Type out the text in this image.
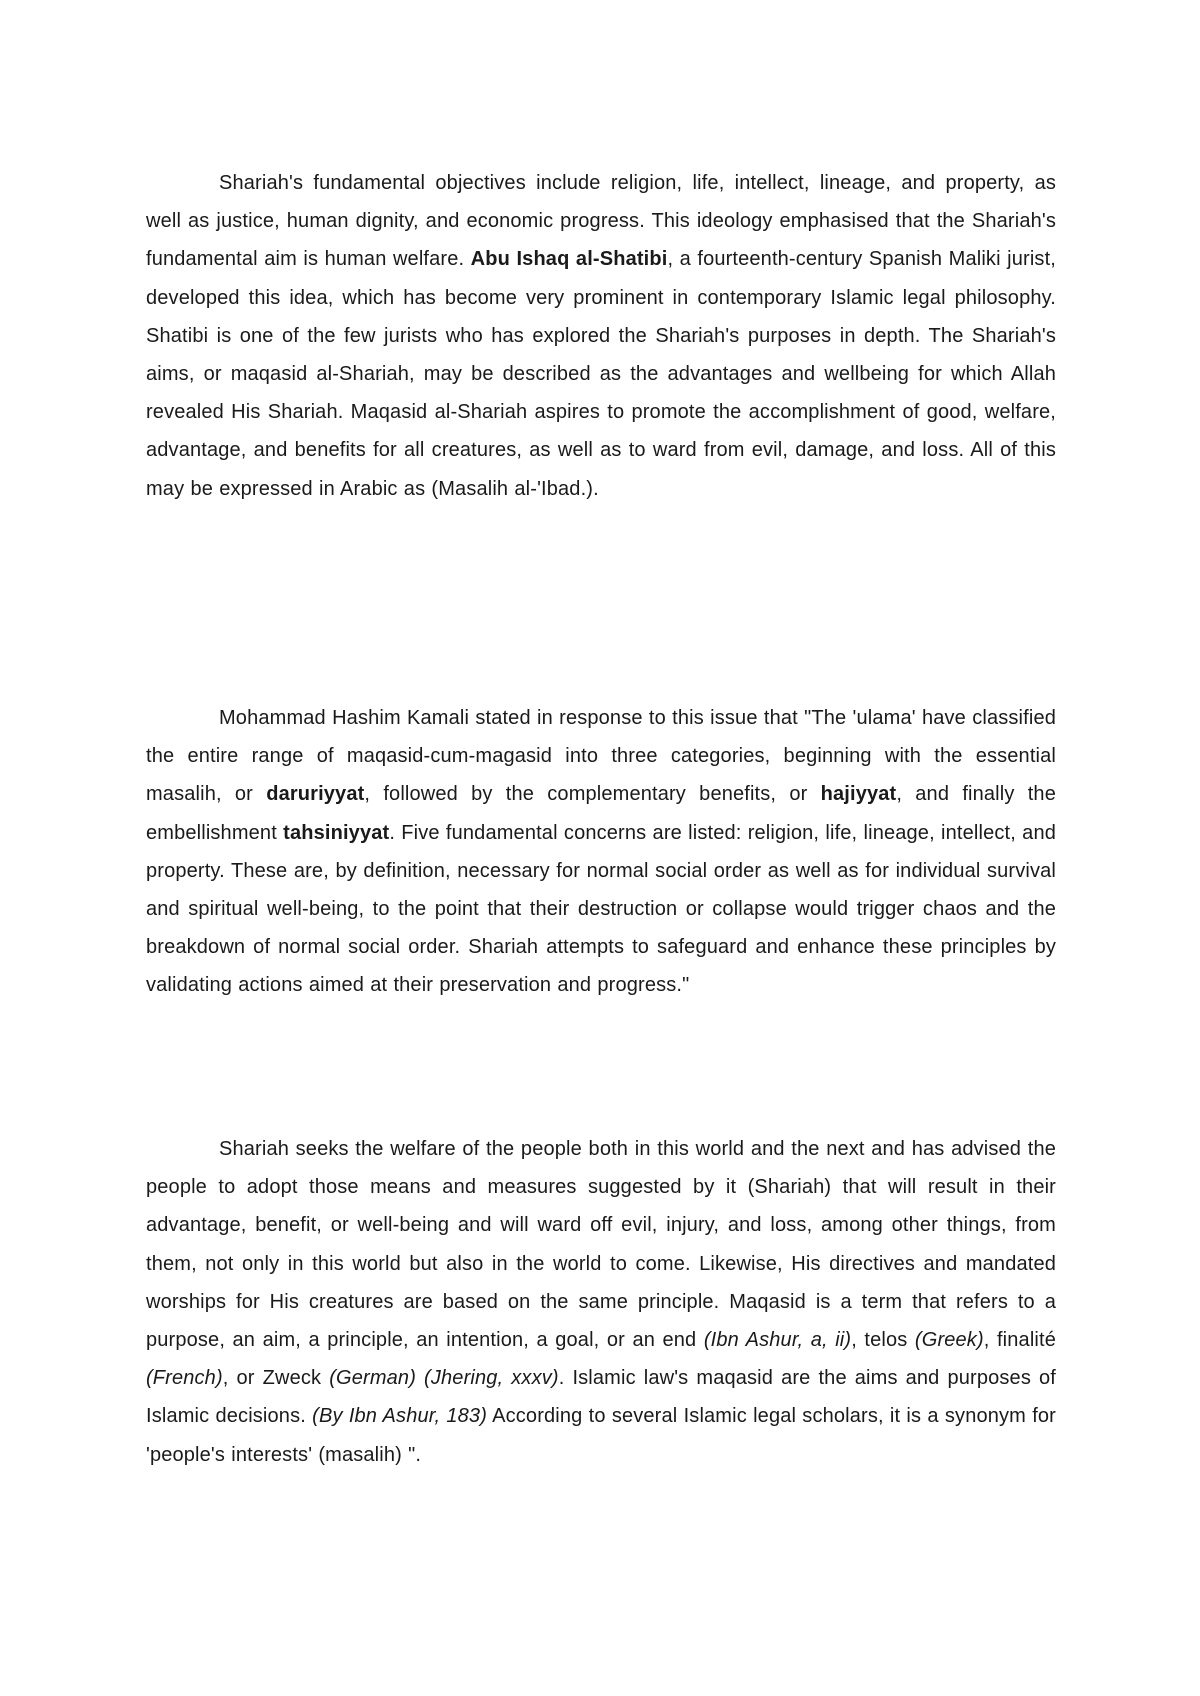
Shariah's fundamental objectives include religion, life, intellect, lineage, and property, as well as justice, human dignity, and economic progress. This ideology emphasised that the Shariah's fundamental aim is human welfare. Abu Ishaq al-Shatibi, a fourteenth-century Spanish Maliki jurist, developed this idea, which has become very prominent in contemporary Islamic legal philosophy. Shatibi is one of the few jurists who has explored the Shariah's purposes in depth. The Shariah's aims, or maqasid al-Shariah, may be described as the advantages and wellbeing for which Allah revealed His Shariah. Maqasid al-Shariah aspires to promote the accomplishment of good, welfare, advantage, and benefits for all creatures, as well as to ward from evil, damage, and loss. All of this may be expressed in Arabic as (Masalih al-'Ibad.).

Mohammad Hashim Kamali stated in response to this issue that "The 'ulama' have classified the entire range of maqasid-cum-magasid into three categories, beginning with the essential masalih, or daruriyyat, followed by the complementary benefits, or hajiyyat, and finally the embellishment tahsiniyyat. Five fundamental concerns are listed: religion, life, lineage, intellect, and property. These are, by definition, necessary for normal social order as well as for individual survival and spiritual well-being, to the point that their destruction or collapse would trigger chaos and the breakdown of normal social order. Shariah attempts to safeguard and enhance these principles by validating actions aimed at their preservation and progress."

Shariah seeks the welfare of the people both in this world and the next and has advised the people to adopt those means and measures suggested by it (Shariah) that will result in their advantage, benefit, or well-being and will ward off evil, injury, and loss, among other things, from them, not only in this world but also in the world to come. Likewise, His directives and mandated worships for His creatures are based on the same principle. Maqasid is a term that refers to a purpose, an aim, a principle, an intention, a goal, or an end (Ibn Ashur, a, ii), telos (Greek), finalité (French), or Zweck (German) (Jhering, xxxv). Islamic law's maqasid are the aims and purposes of Islamic decisions. (By Ibn Ashur, 183) According to several Islamic legal scholars, it is a synonym for 'people's interests' (masalih) ".
